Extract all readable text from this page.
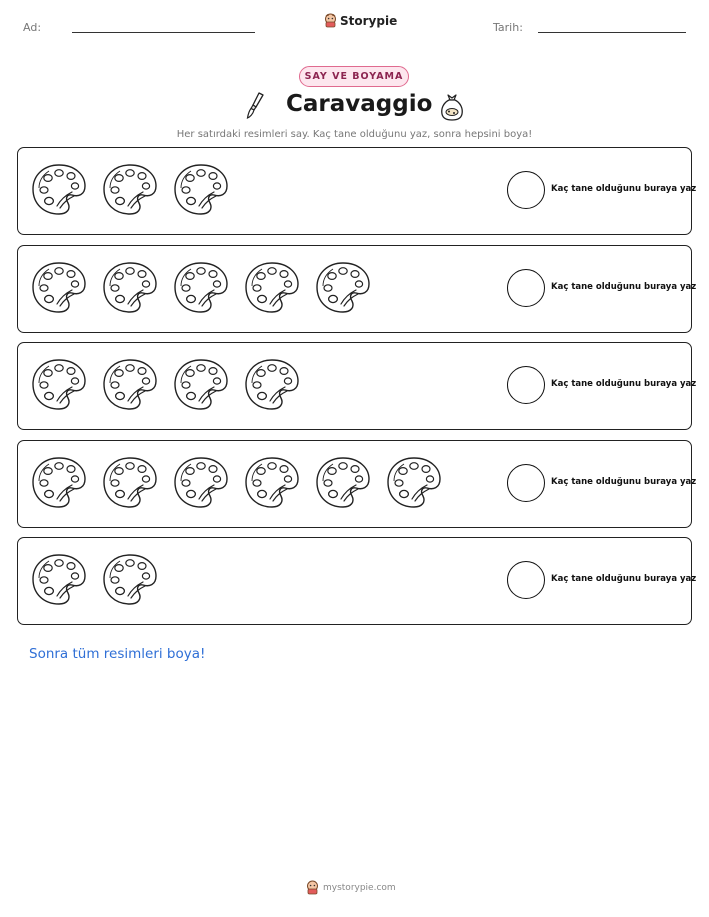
Ad:	Storypie	Tarih:
SAY VE BOYAMA
Caravaggio
Her satırdaki resimleri say. Kaç tane olduğunu yaz, sonra hepsini boya!
Kaç tane olduğunu buraya yaz
Kaç tane olduğunu buraya yaz
Kaç tane olduğunu buraya yaz
Kaç tane olduğunu buraya yaz
Kaç tane olduğunu buraya yaz
Sonra tüm resimleri boya!
mystorypie.com
